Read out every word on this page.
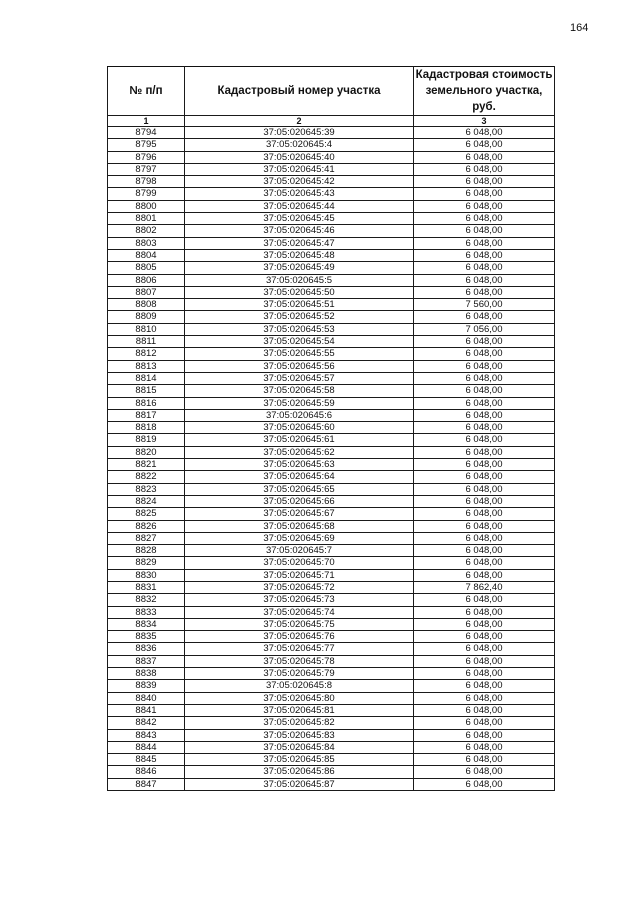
164
№ п/п	Кадастровый номер участка	Кадастровая стоимость земельного участка, руб.
1	2	3
8794	37:05:020645:39	6 048,00
8795	37:05:020645:4	6 048,00
8796	37:05:020645:40	6 048,00
8797	37:05:020645:41	6 048,00
8798	37:05:020645:42	6 048,00
8799	37:05:020645:43	6 048,00
8800	37:05:020645:44	6 048,00
8801	37:05:020645:45	6 048,00
8802	37:05:020645:46	6 048,00
8803	37:05:020645:47	6 048,00
8804	37:05:020645:48	6 048,00
8805	37:05:020645:49	6 048,00
8806	37:05:020645:5	6 048,00
8807	37:05:020645:50	6 048,00
8808	37:05:020645:51	7 560,00
8809	37:05:020645:52	6 048,00
8810	37:05:020645:53	7 056,00
8811	37:05:020645:54	6 048,00
8812	37:05:020645:55	6 048,00
8813	37:05:020645:56	6 048,00
8814	37:05:020645:57	6 048,00
8815	37:05:020645:58	6 048,00
8816	37:05:020645:59	6 048,00
8817	37:05:020645:6	6 048,00
8818	37:05:020645:60	6 048,00
8819	37:05:020645:61	6 048,00
8820	37:05:020645:62	6 048,00
8821	37:05:020645:63	6 048,00
8822	37:05:020645:64	6 048,00
8823	37:05:020645:65	6 048,00
8824	37:05:020645:66	6 048,00
8825	37:05:020645:67	6 048,00
8826	37:05:020645:68	6 048,00
8827	37:05:020645:69	6 048,00
8828	37:05:020645:7	6 048,00
8829	37:05:020645:70	6 048,00
8830	37:05:020645:71	6 048,00
8831	37:05:020645:72	7 862,40
8832	37:05:020645:73	6 048,00
8833	37:05:020645:74	6 048,00
8834	37:05:020645:75	6 048,00
8835	37:05:020645:76	6 048,00
8836	37:05:020645:77	6 048,00
8837	37:05:020645:78	6 048,00
8838	37:05:020645:79	6 048,00
8839	37:05:020645:8	6 048,00
8840	37:05:020645:80	6 048,00
8841	37:05:020645:81	6 048,00
8842	37:05:020645:82	6 048,00
8843	37:05:020645:83	6 048,00
8844	37:05:020645:84	6 048,00
8845	37:05:020645:85	6 048,00
8846	37:05:020645:86	6 048,00
8847	37:05:020645:87	6 048,00
